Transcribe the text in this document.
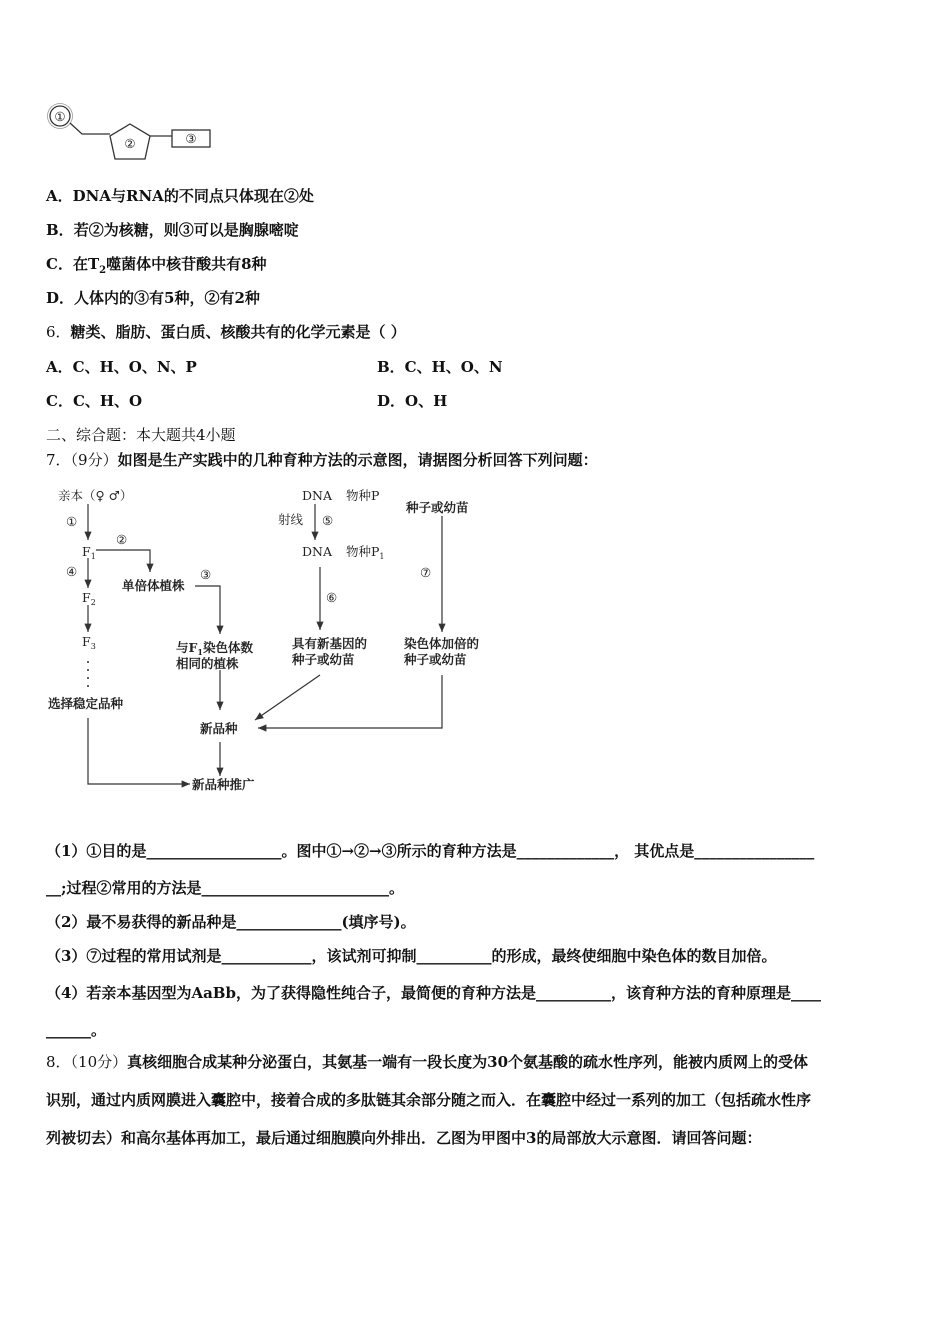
①
②	③
A．DNA与RNA的不同点只体现在②处
B．若②为核糖，则③可以是胸腺嘧啶
C．在$T_2$噬菌体中核苷酸共有8种
D．人体内的③有5种，②有2种
6．糖类、脂肪、蛋白质、核酸共有的化学元素是（ ）
A．C、H、O、N、P	B．C、H、O、N
C．C、H、O	D．O、H
二、综合题：本大题共4小题
7．（9分）如图是生产实践中的几种育种方法的示意图，请据图分析回答下列问题：
亲本（♀ ♂）
①
$F_1$
②
④
单倍体植株
③
$F_2$
$F_3$	与$F_1$染色体数
相同的植株
选择稳定品种
DNA 物种P
射线 ⑤
DNA 物种$P_1$
⑥
具有新基因的
种子或幼苗
种子或幼苗
⑦
染色体加倍的
种子或幼苗
新品种
新品种推广
（1）①目的是__________________。图中①→②→③所示的育种方法是_____________， 其优点是________________
__;过程②常用的方法是_________________________。
（2）最不易获得的新品种是______________(填序号)。
（3）⑦过程的常用试剂是____________，该试剂可抑制__________的形成，最终使细胞中染色体的数目加倍。
（4）若亲本基因型为AaBb，为了获得隐性纯合子，最简便的育种方法是__________，该育种方法的育种原理是____
______。
8．（10分）真核细胞合成某种分泌蛋白，其氨基一端有一段长度为30个氨基酸的疏水性序列，能被内质网上的受体
识别，通过内质网膜进入囊腔中，接着合成的多肽链其余部分随之而入．在囊腔中经过一系列的加工（包括疏水性序
列被切去）和高尔基体再加工，最后通过细胞膜向外排出．乙图为甲图中3的局部放大示意图．请回答问题：
